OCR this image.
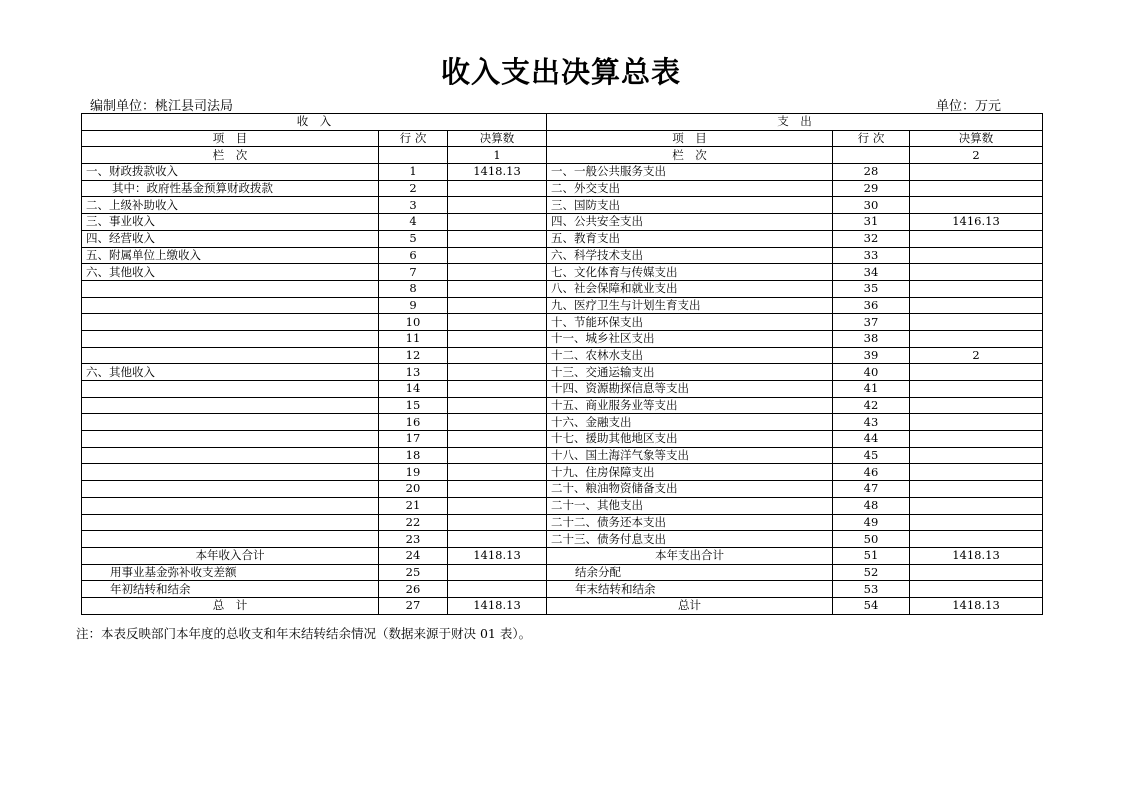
收入支出决算总表
编制单位：桃江县司法局	单位：万元
收　入			支　出		
项　目	行 次	决算数	项　目	行 次	决算数
栏　次		1	栏　次		2
一、财政拨款收入	1	1418.13	一、一般公共服务支出	28	
其中：政府性基金预算财政拨款	2		二、外交支出	29	
二、上级补助收入	3		三、国防支出	30	
三、事业收入	4		四、公共安全支出	31	1416.13
四、经营收入	5		五、教育支出	32	
五、附属单位上缴收入	6		六、科学技术支出	33	
六、其他收入	7		七、文化体育与传媒支出	34	
	8		八、社会保障和就业支出	35	
	9		九、医疗卫生与计划生育支出	36	
	10		十、节能环保支出	37	
	11		十一、城乡社区支出	38	
	12		十二、农林水支出	39	2
六、其他收入	13		十三、交通运输支出	40	
	14		十四、资源勘探信息等支出	41	
	15		十五、商业服务业等支出	42	
	16		十六、金融支出	43	
	17		十七、援助其他地区支出	44	
	18		十八、国土海洋气象等支出	45	
	19		十九、住房保障支出	46	
	20		二十、粮油物资储备支出	47	
	21		二十一、其他支出	48	
	22		二十二、债务还本支出	49	
	23		二十三、债务付息支出	50	
本年收入合计	24	1418.13	本年支出合计	51	1418.13
用事业基金弥补收支差额	25		结余分配	52	
年初结转和结余	26		年末结转和结余	53	
总　计	27	1418.13	总计	54	1418.13
注：本表反映部门本年度的总收支和年末结转结余情况（数据来源于财决 01 表）。
